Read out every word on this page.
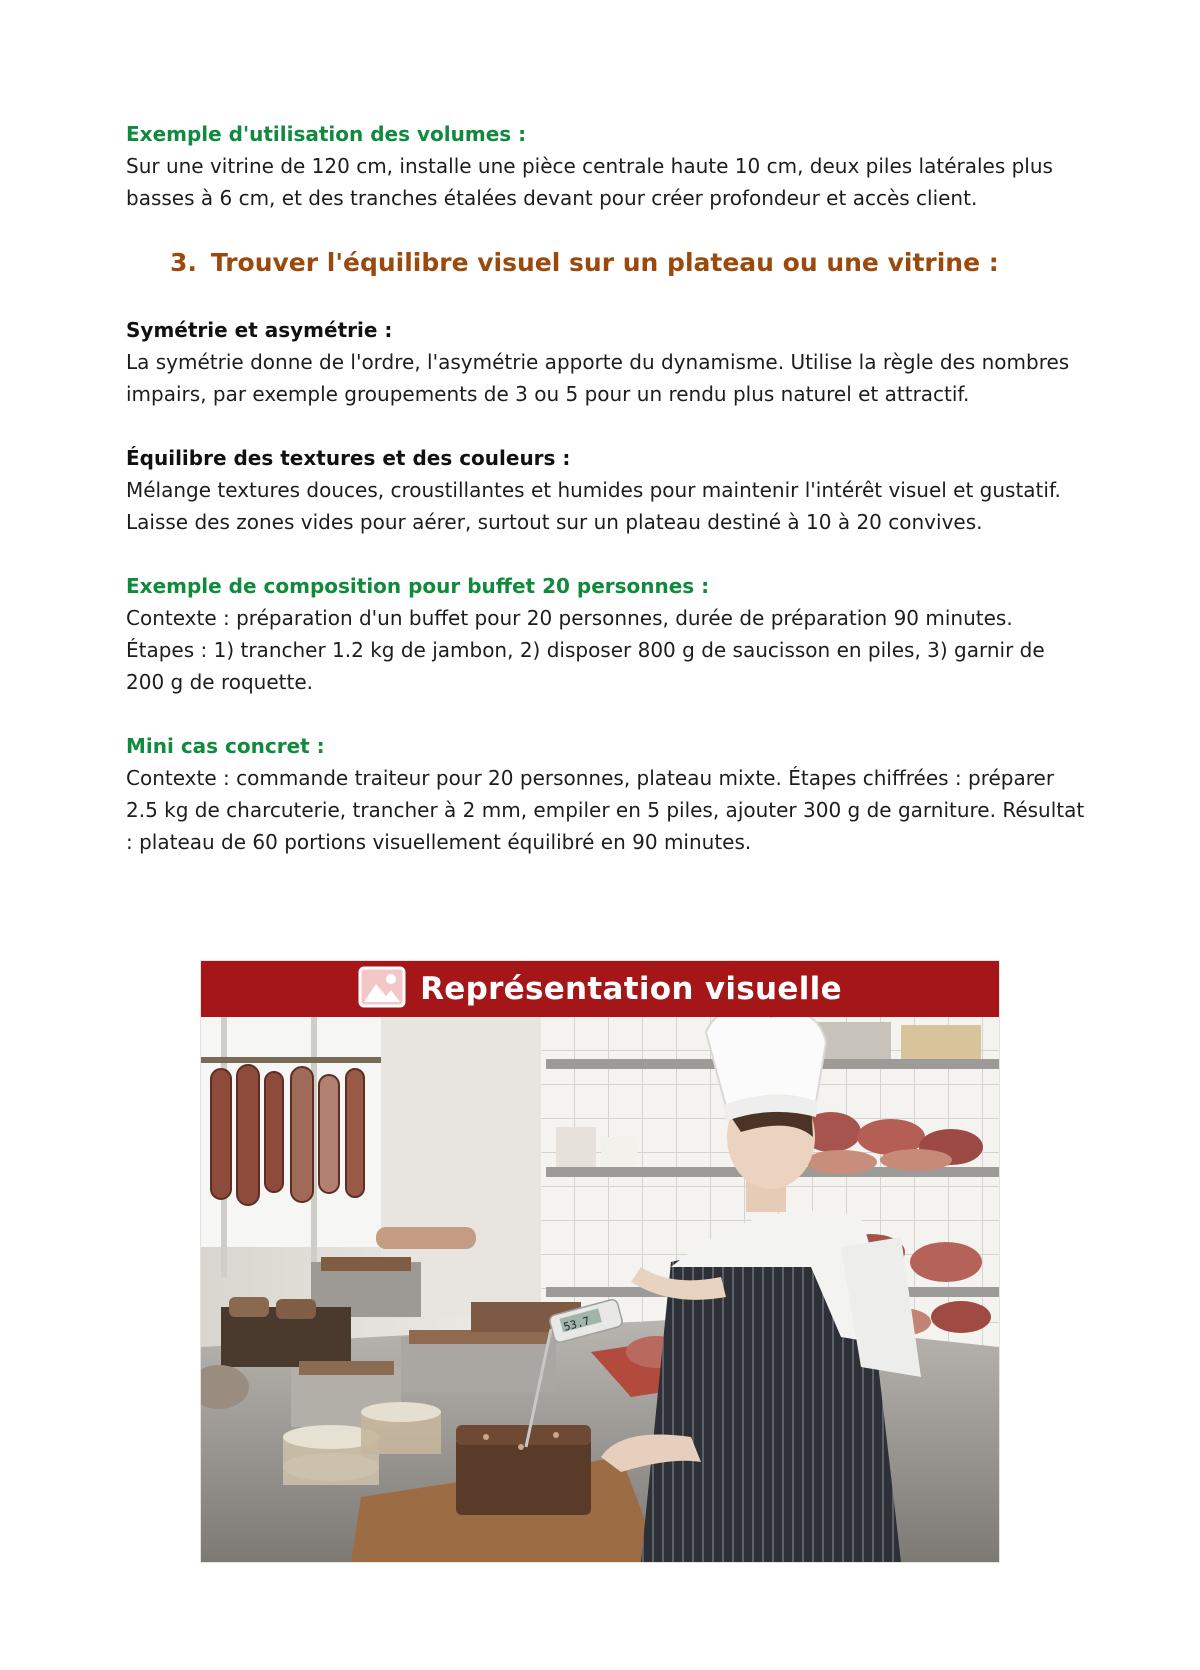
Exemple d'utilisation des volumes :

Sur une vitrine de 120 cm, installe une pièce centrale haute 10 cm, deux piles latérales plus basses à 6 cm, et des tranches étalées devant pour créer profondeur et accès client.

3. Trouver l'équilibre visuel sur un plateau ou une vitrine :

Symétrie et asymétrie :

La symétrie donne de l'ordre, l'asymétrie apporte du dynamisme. Utilise la règle des nombres impairs, par exemple groupements de 3 ou 5 pour un rendu plus naturel et attractif.

Équilibre des textures et des couleurs :

Mélange textures douces, croustillantes et humides pour maintenir l'intérêt visuel et gustatif. Laisse des zones vides pour aérer, surtout sur un plateau destiné à 10 à 20 convives.

Exemple de composition pour buffet 20 personnes :

Contexte : préparation d'un buffet pour 20 personnes, durée de préparation 90 minutes.

Étapes : 1) trancher 1.2 kg de jambon, 2) disposer 800 g de saucisson en piles, 3) garnir de 200 g de roquette.

Mini cas concret :

Contexte : commande traiteur pour 20 personnes, plateau mixte. Étapes chiffrées : préparer 2.5 kg de charcuterie, trancher à 2 mm, empiler en 5 piles, ajouter 300 g de garniture. Résultat : plateau de 60 portions visuellement équilibré en 90 minutes.

Représentation visuelle
53.7
